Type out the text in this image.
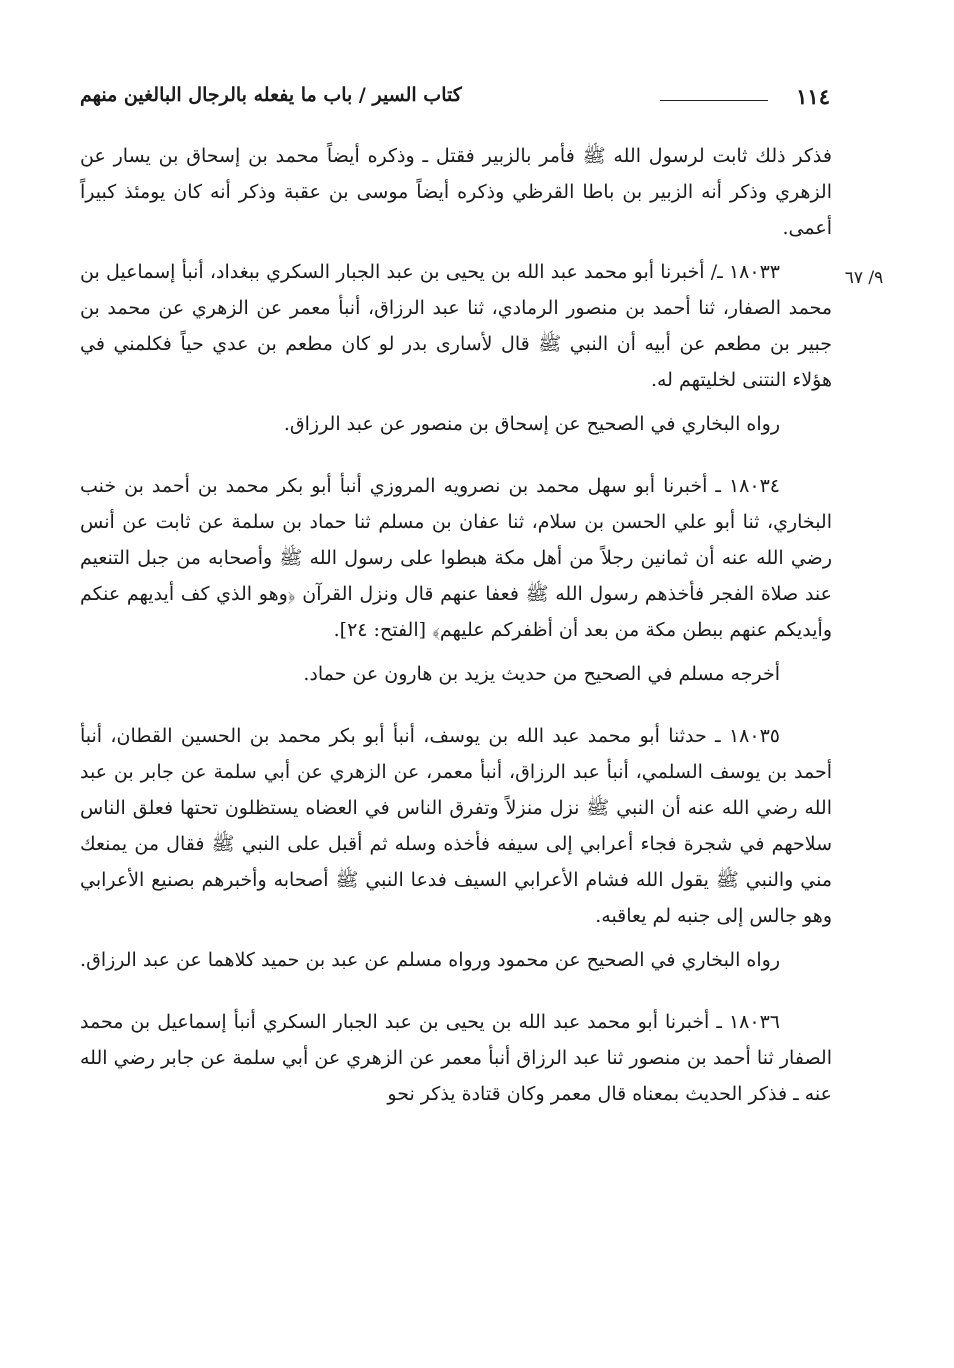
١١٤
كتاب السير / باب ما يفعله بالرجال البالغين منهم
٩/ ٦٧

فذكر ذلك ثابت لرسول الله ﷺ فأمر بالزبير فقتل ـ وذكره أيضاً محمد بن إسحاق بن يسار عن الزهري وذكر أنه الزبير بن باطا القرظي وذكره أيضاً موسى بن عقبة وذكر أنه كان يومئذ كبيراً أعمى.

١٨٠٣٣ ـ/ أخبرنا أبو محمد عبد الله بن يحيى بن عبد الجبار السكري ببغداد، أنبأ إسماعيل بن محمد الصفار، ثنا أحمد بن منصور الرمادي، ثنا عبد الرزاق، أنبأ معمر عن الزهري عن محمد بن جبير بن مطعم عن أبيه أن النبي ﷺ قال لأسارى بدر لو كان مطعم بن عدي حياً فكلمني في هؤلاء النتنى لخليتهم له.

رواه البخاري في الصحيح عن إسحاق بن منصور عن عبد الرزاق.

١٨٠٣٤ ـ أخبرنا أبو سهل محمد بن نصرويه المروزي أنبأ أبو بكر محمد بن أحمد بن خنب البخاري، ثنا أبو علي الحسن بن سلام، ثنا عفان بن مسلم ثنا حماد بن سلمة عن ثابت عن أنس رضي الله عنه أن ثمانين رجلاً من أهل مكة هبطوا على رسول الله ﷺ وأصحابه من جبل التنعيم عند صلاة الفجر فأخذهم رسول الله ﷺ فعفا عنهم قال ونزل القرآن ﴿وهو الذي كف أيديهم عنكم وأيديكم عنهم ببطن مكة من بعد أن أظفركم عليهم﴾ [الفتح: ٢٤].

أخرجه مسلم في الصحيح من حديث يزيد بن هارون عن حماد.

١٨٠٣٥ ـ حدثنا أبو محمد عبد الله بن يوسف، أنبأ أبو بكر محمد بن الحسين القطان، أنبأ أحمد بن يوسف السلمي، أنبأ عبد الرزاق، أنبأ معمر، عن الزهري عن أبي سلمة عن جابر بن عبد الله رضي الله عنه أن النبي ﷺ نزل منزلاً وتفرق الناس في العضاه يستظلون تحتها فعلق الناس سلاحهم في شجرة فجاء أعرابي إلى سيفه فأخذه وسله ثم أقبل على النبي ﷺ فقال من يمنعك مني والنبي ﷺ يقول الله فشام الأعرابي السيف فدعا النبي ﷺ أصحابه وأخبرهم بصنيع الأعرابي وهو جالس إلى جنبه لم يعاقبه.

رواه البخاري في الصحيح عن محمود ورواه مسلم عن عبد بن حميد كلاهما عن عبد الرزاق.

١٨٠٣٦ ـ أخبرنا أبو محمد عبد الله بن يحيى بن عبد الجبار السكري أنبأ إسماعيل بن محمد الصفار ثنا أحمد بن منصور ثنا عبد الرزاق أنبأ معمر عن الزهري عن أبي سلمة عن جابر رضي الله عنه ـ فذكر الحديث بمعناه قال معمر وكان قتادة يذكر نحو
